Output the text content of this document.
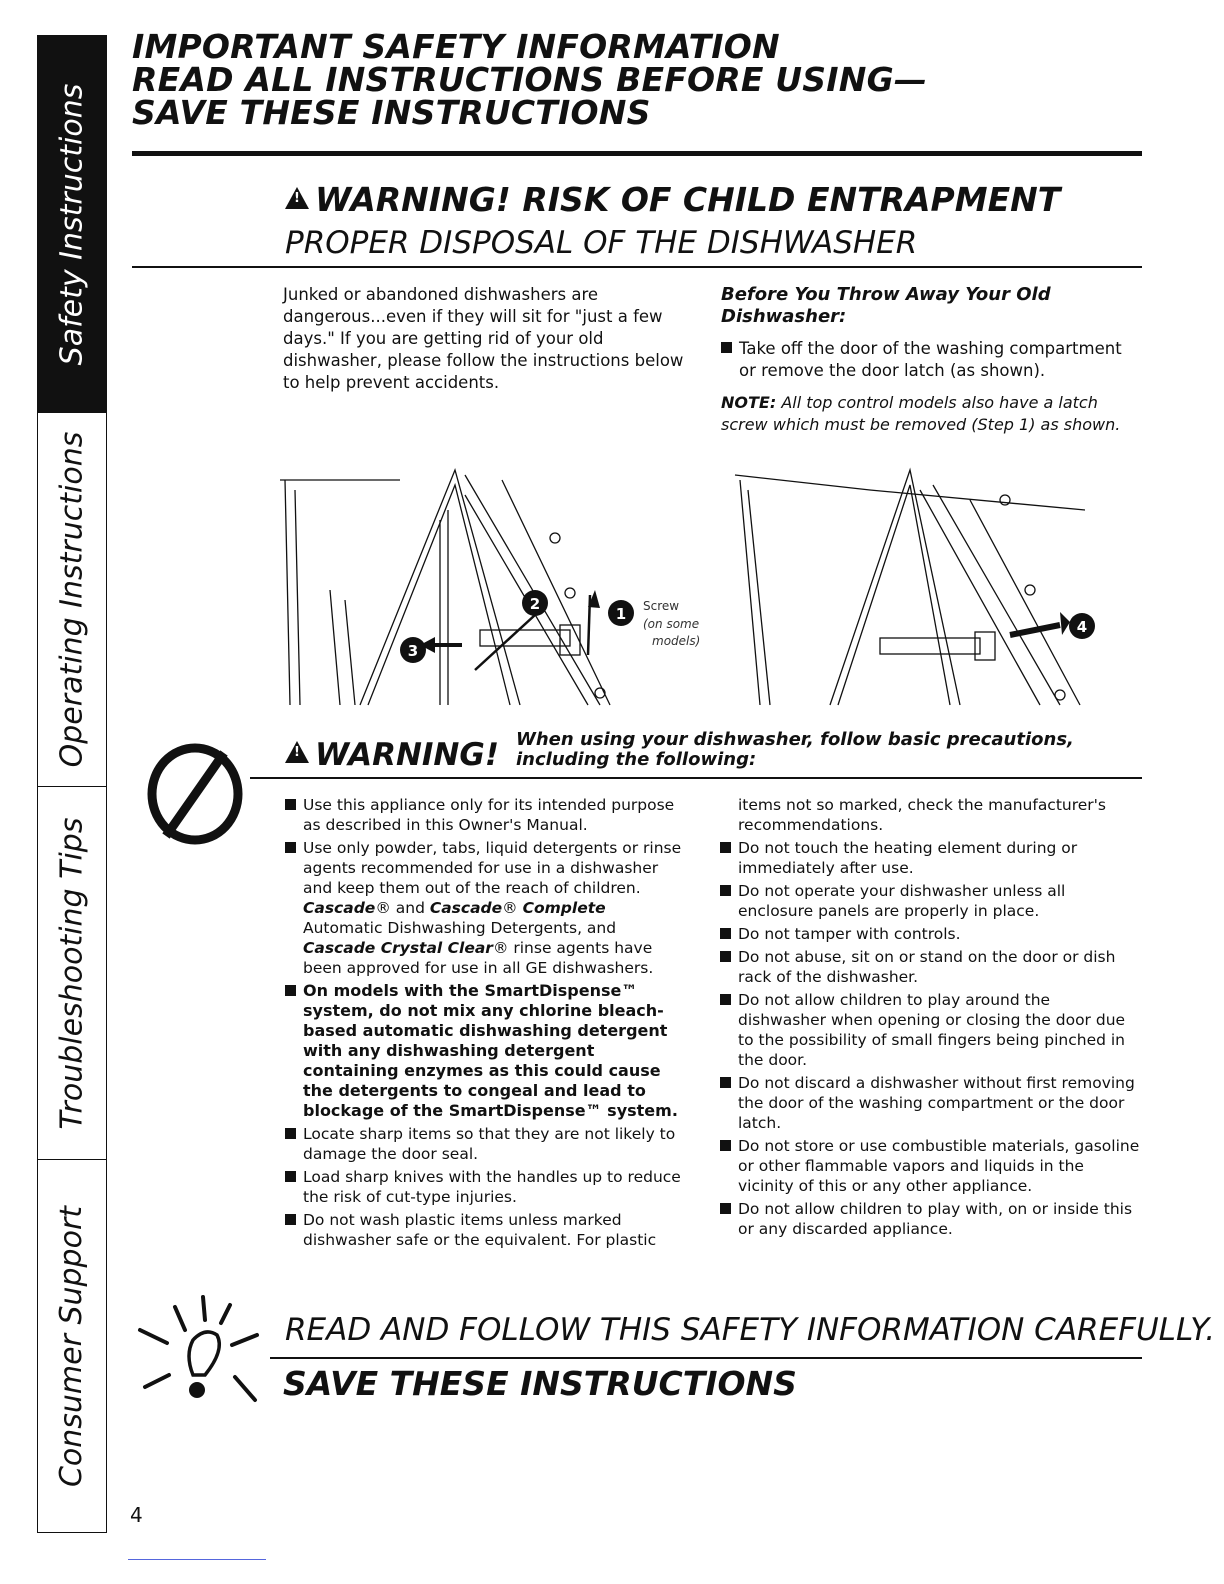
Safety Instructions
Operating Instructions
Troubleshooting Tips
Consumer Support
IMPORTANT SAFETY INFORMATION
READ ALL INSTRUCTIONS BEFORE USING—
SAVE THESE INSTRUCTIONS
!WARNING! RISK OF CHILD ENTRAPMENT
PROPER DISPOSAL OF THE DISHWASHER
Junked or abandoned dishwashers are dangerous...even if they will sit for "just a few days." If you are getting rid of your old dishwasher, please follow the instructions below to help prevent accidents.
Before You Throw Away Your Old Dishwasher:
Take off the door of the washing compartment or remove the door latch (as shown).
NOTE: All top control models also have a latch screw which must be removed (Step 1) as shown.
3
2
1
4
Screw
(on some
models)
!WARNING! When using your dishwasher, follow basic precautions,
including the following:
Use this appliance only for its intended purpose as described in this Owner's Manual.
Use only powder, tabs, liquid detergents or rinse agents recommended for use in a dishwasher and keep them out of the reach of children. Cascade® and Cascade® Complete Automatic Dishwashing Detergents, and Cascade Crystal Clear® rinse agents have been approved for use in all GE dishwashers.
On models with the SmartDispense™ system, do not mix any chlorine bleach-based automatic dishwashing detergent with any dishwashing detergent containing enzymes as this could cause the detergents to congeal and lead to blockage of the SmartDispense™ system.
Locate sharp items so that they are not likely to damage the door seal.
Load sharp knives with the handles up to reduce the risk of cut-type injuries.
Do not wash plastic items unless marked dishwasher safe or the equivalent. For plastic
items not so marked, check the manufacturer's recommendations.
Do not touch the heating element during or immediately after use.
Do not operate your dishwasher unless all enclosure panels are properly in place.
Do not tamper with controls.
Do not abuse, sit on or stand on the door or dish rack of the dishwasher.
Do not allow children to play around the dishwasher when opening or closing the door due to the possibility of small fingers being pinched in the door.
Do not discard a dishwasher without first removing the door of the washing compartment or the door latch.
Do not store or use combustible materials, gasoline or other flammable vapors and liquids in the vicinity of this or any other appliance.
Do not allow children to play with, on or inside this or any discarded appliance.
READ AND FOLLOW THIS SAFETY INFORMATION CAREFULLY.
SAVE THESE INSTRUCTIONS
4
